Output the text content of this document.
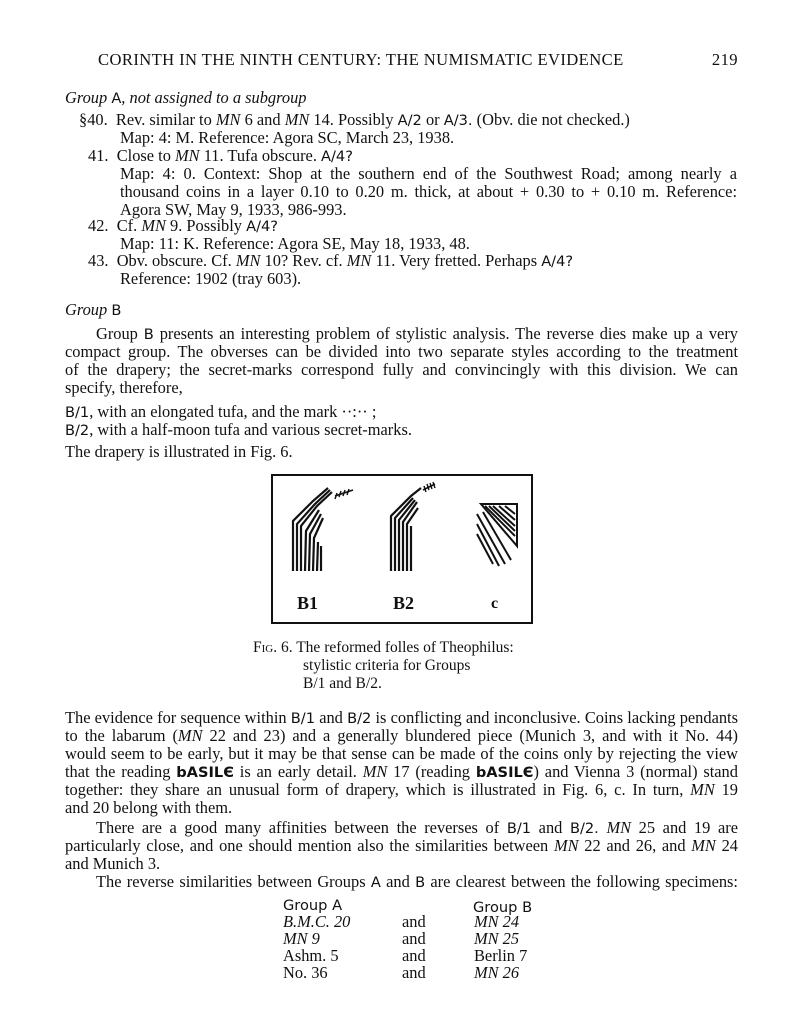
CORINTH IN THE NINTH CENTURY: THE NUMISMATIC EVIDENCE	219
Group A, not assigned to a subgroup
§40. Rev. similar to MN 6 and MN 14. Possibly A/2 or A/3. (Obv. die not checked.)
Map: 4: M. Reference: Agora SC, March 23, 1938.
41. Close to MN 11. Tufa obscure. A/4?
Map: 4: 0. Context: Shop at the southern end of the Southwest Road; among nearly a
thousand coins in a layer 0.10 to 0.20 m. thick, at about + 0.30 to + 0.10 m. Reference:
Agora SW, May 9, 1933, 986-993.
42. Cf. MN 9. Possibly A/4?
Map: 11: K. Reference: Agora SE, May 18, 1933, 48.
43. Obv. obscure. Cf. MN 10? Rev. cf. MN 11. Very fretted. Perhaps A/4?
Reference: 1902 (tray 603).
Group B
Group B presents an interesting problem of stylistic analysis. The reverse dies make up a very
compact group. The obverses can be divided into two separate styles according to the treatment
of the drapery; the secret-marks correspond fully and convincingly with this division. We can
specify, therefore,
B/1, with an elongated tufa, and the mark ··:·· ;
B/2, with a half-moon tufa and various secret-marks.
The drapery is illustrated in Fig. 6.
B1	B2	c
Fig. 6. The reformed folles of Theophilus:
stylistic criteria for Groups
B/1 and B/2.
The evidence for sequence within B/1 and B/2 is conflicting and inconclusive. Coins lacking pendants
to the labarum (MN 22 and 23) and a generally blundered piece (Munich 3, and with it No. 44)
would seem to be early, but it may be that sense can be made of the coins only by rejecting the view
that the reading bASILЄ is an early detail. MN 17 (reading bASILЄ) and Vienna 3 (normal) stand
together: they share an unusual form of drapery, which is illustrated in Fig. 6, c. In turn, MN 19
and 20 belong with them.
There are a good many affinities between the reverses of B/1 and B/2. MN 25 and 19 are
particularly close, and one should mention also the similarities between MN 22 and 26, and MN 24
and Munich 3.
The reverse similarities between Groups A and B are clearest between the following specimens:
Group A	Group B
B.M.C. 20	and	MN 24
MN 9	and	MN 25
Ashm. 5	and	Berlin 7
No. 36	and	MN 26
